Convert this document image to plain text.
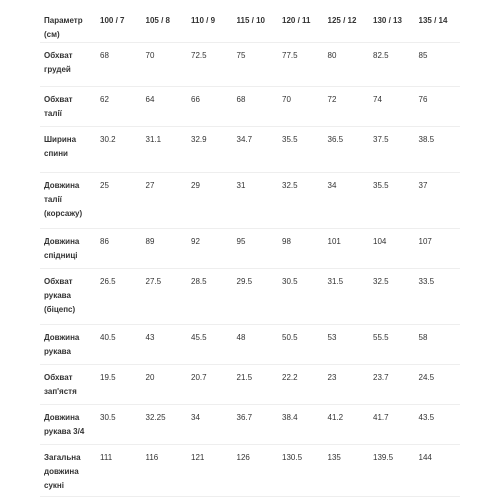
Параметр (см)	100 / 7	105 / 8	110 / 9	115 / 10	120 / 11	125 / 12	130 / 13	135 / 14
Обхват грудей	68	70	72.5	75	77.5	80	82.5	85
Обхват талії	62	64	66	68	70	72	74	76
Ширина спини	30.2	31.1	32.9	34.7	35.5	36.5	37.5	38.5
Довжина талії (корсажу)	25	27	29	31	32.5	34	35.5	37
Довжина спідниці	86	89	92	95	98	101	104	107
Обхват рукава (біцепс)	26.5	27.5	28.5	29.5	30.5	31.5	32.5	33.5
Довжина рукава	40.5	43	45.5	48	50.5	53	55.5	58
Обхват зап'ястя	19.5	20	20.7	21.5	22.2	23	23.7	24.5
Довжина рукава 3/4	30.5	32.25	34	36.7	38.4	41.2	41.7	43.5
Загальна довжина сукні	111	116	121	126	130.5	135	139.5	144
